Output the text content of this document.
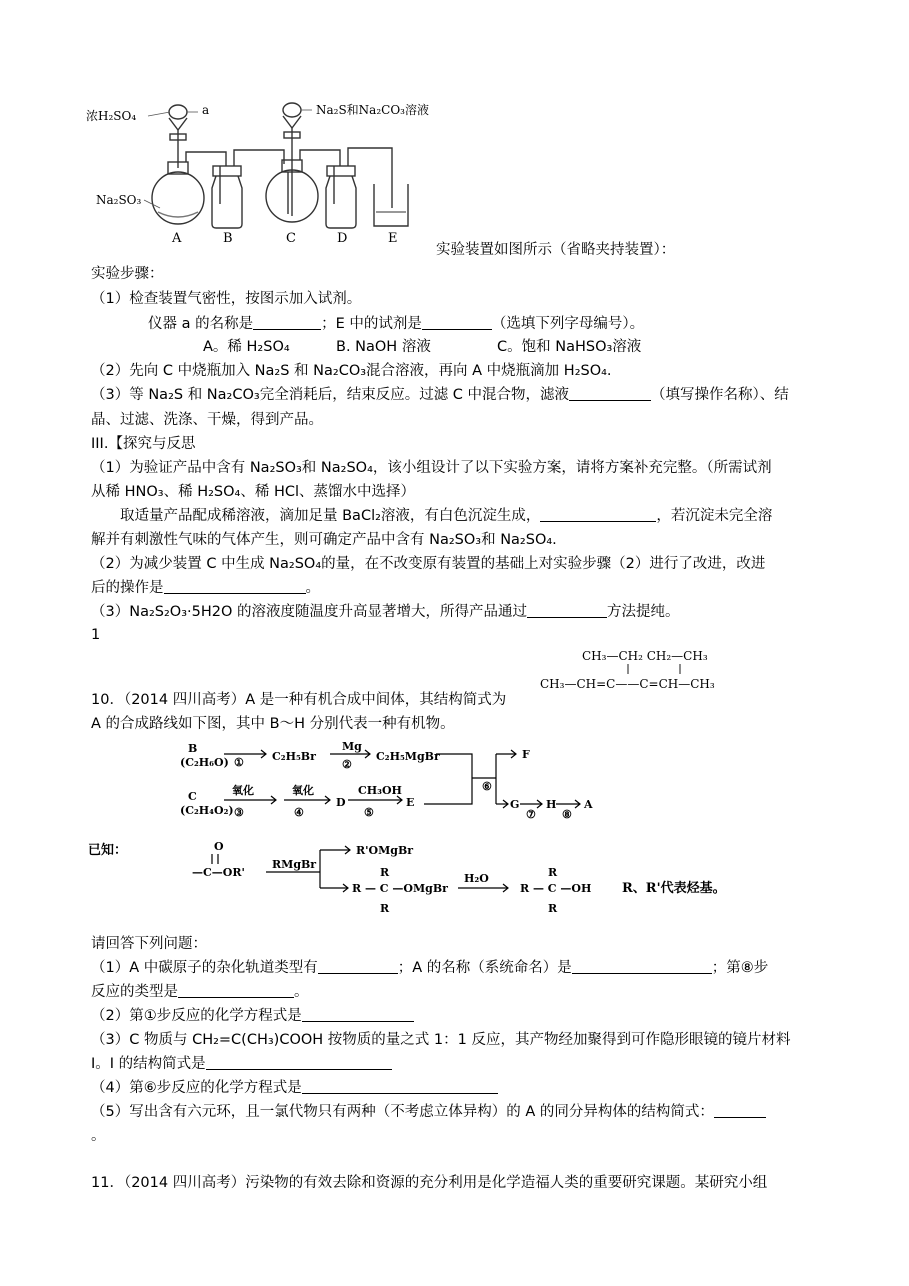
浓H₂SO₄	a
Na₂SO₃
Na₂S和Na₂CO₃溶液
A	B	C	D	E
实验装置如图所示（省略夹持装置）：
实验步骤：
（1）检查装置气密性，按图示加入试剂。
仪器 a 的名称是	；E 中的试剂是	（选填下列字母编号）。
A。稀 H₂SO₄	B. NaOH 溶液	C。饱和 NaHSO₃溶液
（2）先向 C 中烧瓶加入 Na₂S 和 Na₂CO₃混合溶液，再向 A 中烧瓶滴加 H₂SO₄.
（3）等 Na₂S 和 Na₂CO₃完全消耗后，结束反应。过滤 C 中混合物，滤液	（填写操作名称）、结
晶、过滤、洗涤、干燥，得到产品。
III.【探究与反思
（1）为验证产品中含有 Na₂SO₃和 Na₂SO₄，该小组设计了以下实验方案，请将方案补充完整。（所需试剂
从稀 HNO₃、稀 H₂SO₄、稀 HCl、蒸馏水中选择）
取适量产品配成稀溶液，滴加足量 BaCl₂溶液，有白色沉淀生成，	，若沉淀未完全溶
解并有刺激性气味的气体产生，则可确定产品中含有 Na₂SO₃和 Na₂SO₄.
（2）为减少装置 C 中生成 Na₂SO₄的量，在不改变原有装置的基础上对实验步骤（2）进行了改进，改进
后的操作是	。
（3）Na₂S₂O₃·5H2O 的溶液度随温度升高显著增大，所得产品通过	方法提纯。
1
CH₃—CH₂ CH₂—CH₃
CH₃—CH=C——C=CH—CH₃
10．（2014 四川高考）A 是一种有机合成中间体，其结构简式为
A 的合成路线如下图，其中 B～H 分别代表一种有机物。
B
(C₂H₆O) ①	C₂H₅Br
Mg
②
C₂H₅MgBr	F
⑥
C
(C₂H₄O₂)
氧化
③
氧化
④
D
CH₃OH
⑤
E	G
⑦
H
⑧
A
已知：	O
—C—OR'
RMgBr
R'OMgBr
R
R — C —OMgBr
R
H₂O	R
R — C —OH
R
R、R'代表烃基。
请回答下列问题：
（1）A 中碳原子的杂化轨道类型有	；A 的名称（系统命名）是	；第⑧步
反应的类型是	。
（2）第①步反应的化学方程式是
（3）C 物质与 CH₂=C(CH₃)COOH 按物质的量之式 1：1 反应，其产物经加聚得到可作隐形眼镜的镜片材料
I。I 的结构简式是
（4）第⑥步反应的化学方程式是
（5）写出含有六元环，且一氯代物只有两种（不考虑立体异构）的 A 的同分异构体的结构简式：
。
11．（2014 四川高考）污染物的有效去除和资源的充分利用是化学造福人类的重要研究课题。某研究小组
